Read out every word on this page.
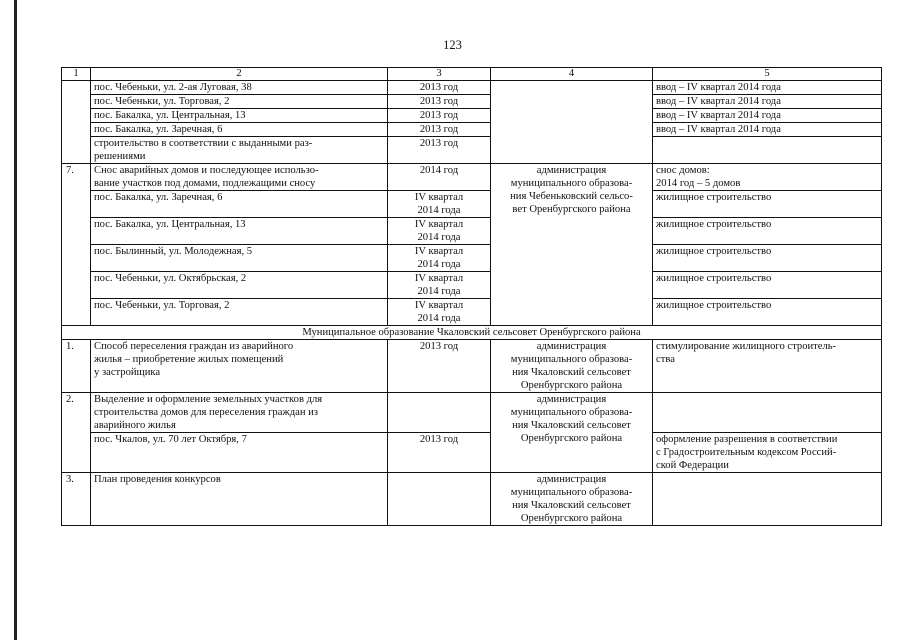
123
1	2	3	4	5
	пос. Чебеньки, ул. 2-ая Луговая, 38	2013 год		ввод – IV квартал 2014 года
	пос. Чебеньки, ул. Торговая, 2	2013 год		ввод – IV квартал 2014 года
	пос. Бакалка, ул. Центральная, 13	2013 год		ввод – IV квартал 2014 года
	пос. Бакалка, ул. Заречная, 6	2013 год		ввод – IV квартал 2014 года
	строительство в соответствии с выданными раз-
решениями	2013 год		
7.	Снос аварийных домов и последующее использо-
вание участков под домами, подлежащими сносу	2014 год	администрация
муниципального образова-
ния Чебеньковский сельсо-
вет Оренбургского района	снос домов:
2014 год – 5 домов
	пос. Бакалка, ул. Заречная, 6	IV квартал
2014 года		жилищное строительство
	пос. Бакалка, ул. Центральная, 13	IV квартал
2014 года		жилищное строительство
	пос. Былинный, ул. Молодежная, 5	IV квартал
2014 года		жилищное строительство
	пос. Чебеньки, ул. Октябрьская, 2	IV квартал
2014 года		жилищное строительство
	пос. Чебеньки, ул. Торговая, 2	IV квартал
2014 года		жилищное строительство
Муниципальное образование Чкаловский сельсовет Оренбургского района				
1.	Способ переселения граждан из аварийного
жилья – приобретение жилых помещений
у застройщика	2013 год	администрация
муниципального образова-
ния Чкаловский сельсовет
Оренбургского района	стимулирование жилищного строитель-
ства
2.	Выделение и оформление земельных участков для
строительства домов для переселения граждан из
аварийного жилья		администрация
муниципального образова-
ния Чкаловский сельсовет
Оренбургского района	
	пос. Чкалов, ул. 70 лет Октября, 7	2013 год		оформление разрешения в соответствии
с Градостроительным кодексом Россий-
ской Федерации
3.	План проведения конкурсов		администрация
муниципального образова-
ния Чкаловский сельсовет
Оренбургского района	
